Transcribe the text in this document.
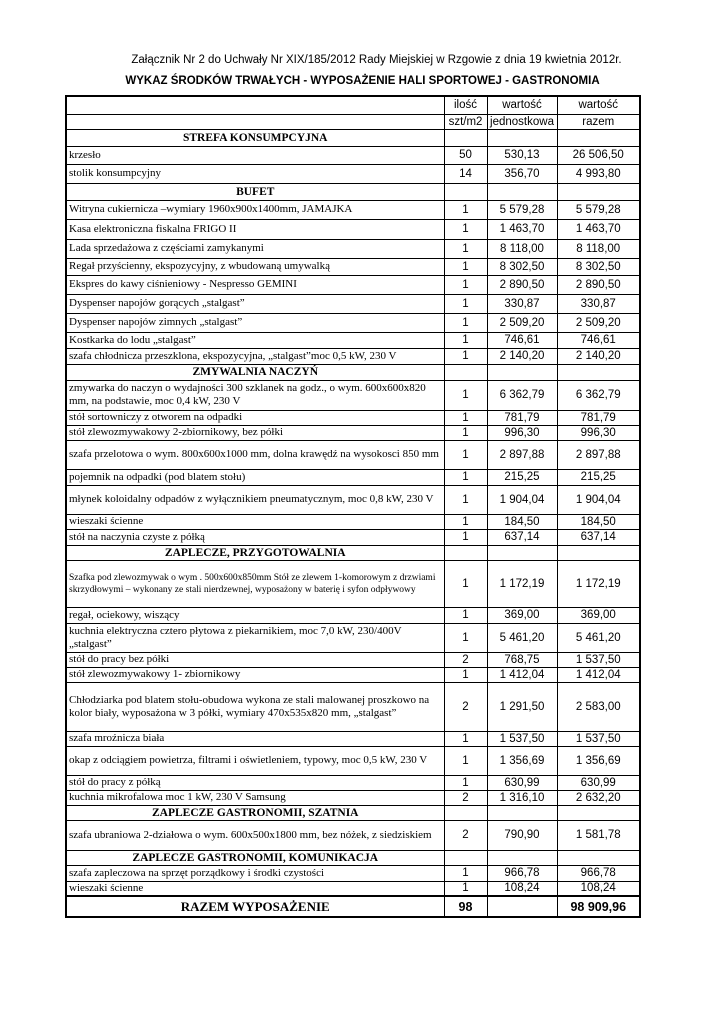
Załącznik Nr 2 do Uchwały Nr XIX/185/2012 Rady Miejskiej w Rzgowie z dnia 19 kwietnia 2012r.
WYKAZ ŚRODKÓW TRWAŁYCH - WYPOSAŻENIE HALI SPORTOWEJ - GASTRONOMIA
	ilość	wartość	wartość
	szt/m2	jednostkowa	razem
STREFA KONSUMPCYJNA			
krzesło	50	530,13	26 506,50
stolik konsumpcyjny	14	356,70	4 993,80
BUFET			
Witryna cukiernicza –wymiary 1960x900x1400mm, JAMAJKA	1	5 579,28	5 579,28
Kasa elektroniczna fiskalna FRIGO II	1	1 463,70	1 463,70
Lada sprzedażowa z częściami zamykanymi	1	8 118,00	8 118,00
Regał przyścienny, ekspozycyjny, z wbudowaną umywalką	1	8 302,50	8 302,50
Ekspres do kawy ciśnieniowy - Nespresso GEMINI	1	2 890,50	2 890,50
Dyspenser napojów gorących „stalgast”	1	330,87	330,87
Dyspenser napojów zimnych „stalgast”	1	2 509,20	2 509,20
Kostkarka do lodu „stalgast”	1	746,61	746,61
szafa chłodnicza przeszklona, ekspozycyjna, „stalgast”moc 0,5 kW, 230 V	1	2 140,20	2 140,20
ZMYWALNIA NACZYŃ			
zmywarka do naczyn o wydajności 300 szklanek na godz., o wym. 600x600x820 mm, na podstawie, moc 0,4 kW, 230 V	1	6 362,79	6 362,79
stół sortowniczy z otworem na odpadki	1	781,79	781,79
stół zlewozmywakowy 2-zbiornikowy, bez półki	1	996,30	996,30
szafa przelotowa o wym. 800x600x1000 mm, dolna krawędź na wysokosci 850 mm	1	2 897,88	2 897,88
pojemnik na odpadki (pod blatem stołu)	1	215,25	215,25
młynek koloidalny odpadów z wyłącznikiem pneumatycznym, moc 0,8 kW, 230 V	1	1 904,04	1 904,04
wieszaki ścienne	1	184,50	184,50
stół na naczynia czyste z półką	1	637,14	637,14
ZAPLECZE, PRZYGOTOWALNIA			
Szafka pod zlewozmywak o wym . 500x600x850mm Stół ze zlewem 1-komorowym z drzwiami skrzydłowymi – wykonany ze stali nierdzewnej, wyposażony w baterię i syfon odpływowy	1	1 172,19	1 172,19
regał, ociekowy, wiszący	1	369,00	369,00
kuchnia elektryczna cztero płytowa z piekarnikiem, moc 7,0 kW, 230/400V „stalgast”	1	5 461,20	5 461,20
stół do pracy bez półki	2	768,75	1 537,50
stół zlewozmywakowy 1- zbiornikowy	1	1 412,04	1 412,04
Chłodziarka pod blatem stołu-obudowa wykona ze stali malowanej proszkowo na kolor biały, wyposażona w 3 półki, wymiary 470x535x820 mm, „stalgast”	2	1 291,50	2 583,00
szafa mroźnicza biała	1	1 537,50	1 537,50
okap z odciągiem powietrza, filtrami i oświetleniem, typowy, moc 0,5 kW, 230 V	1	1 356,69	1 356,69
stół do pracy z półką	1	630,99	630,99
kuchnia mikrofalowa moc 1 kW, 230 V Samsung	2	1 316,10	2 632,20
ZAPLECZE GASTRONOMII, SZATNIA			
szafa ubraniowa 2-działowa o wym. 600x500x1800 mm, bez nóżek, z siedziskiem	2	790,90	1 581,78
ZAPLECZE GASTRONOMII, KOMUNIKACJA			
szafa zapleczowa na sprzęt porządkowy i środki czystości	1	966,78	966,78
wieszaki ścienne	1	108,24	108,24
RAZEM WYPOSAŻENIE	98		98 909,96
